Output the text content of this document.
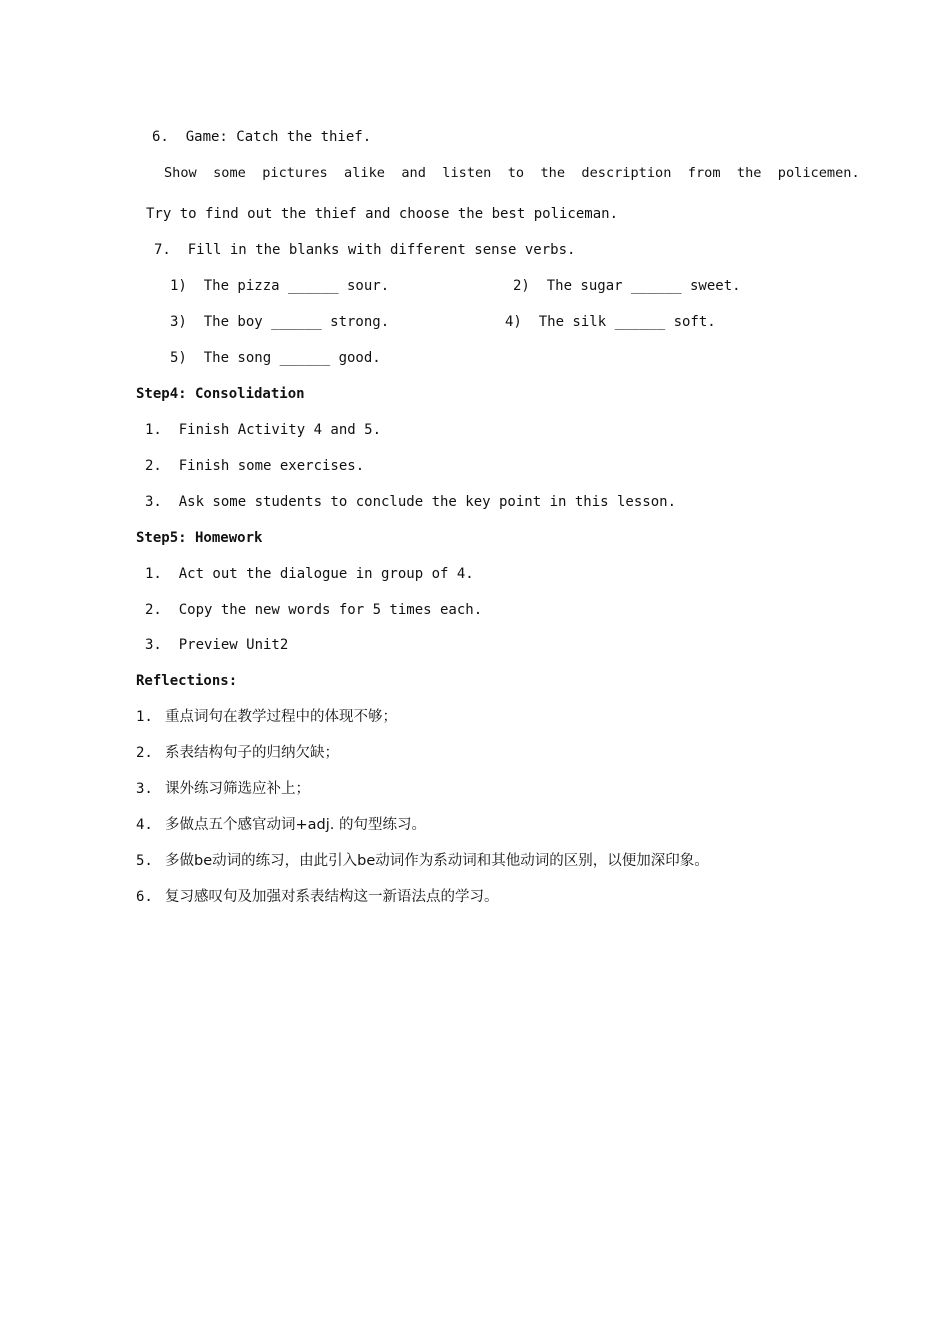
6.  Game: Catch the thief.

Show  some  pictures  alike  and  listen  to  the  description  from  the  policemen.

Try to find out the thief and choose the best policeman.

7.  Fill in the blanks with different sense verbs.

1)  The pizza ______ sour.	2)  The sugar ______ sweet.

3)  The boy ______ strong.	4)  The silk ______ soft.

5)  The song ______ good.

Step4: Consolidation

1.  Finish Activity 4 and 5.

2.  Finish some exercises.

3.  Ask some students to conclude the key point in this lesson.

Step5: Homework

1.  Act out the dialogue in group of 4.

2.  Copy the new words for 5 times each.

3.  Preview Unit2

Reflections:

1. 重点词句在教学过程中的体现不够；

2. 系表结构句子的归纳欠缺；

3. 课外练习筛选应补上；

4. 多做点五个感官动词+adj. 的句型练习。

5. 多做be动词的练习，由此引入be动词作为系动词和其他动词的区别，以便加深印象。

6. 复习感叹句及加强对系表结构这一新语法点的学习。
